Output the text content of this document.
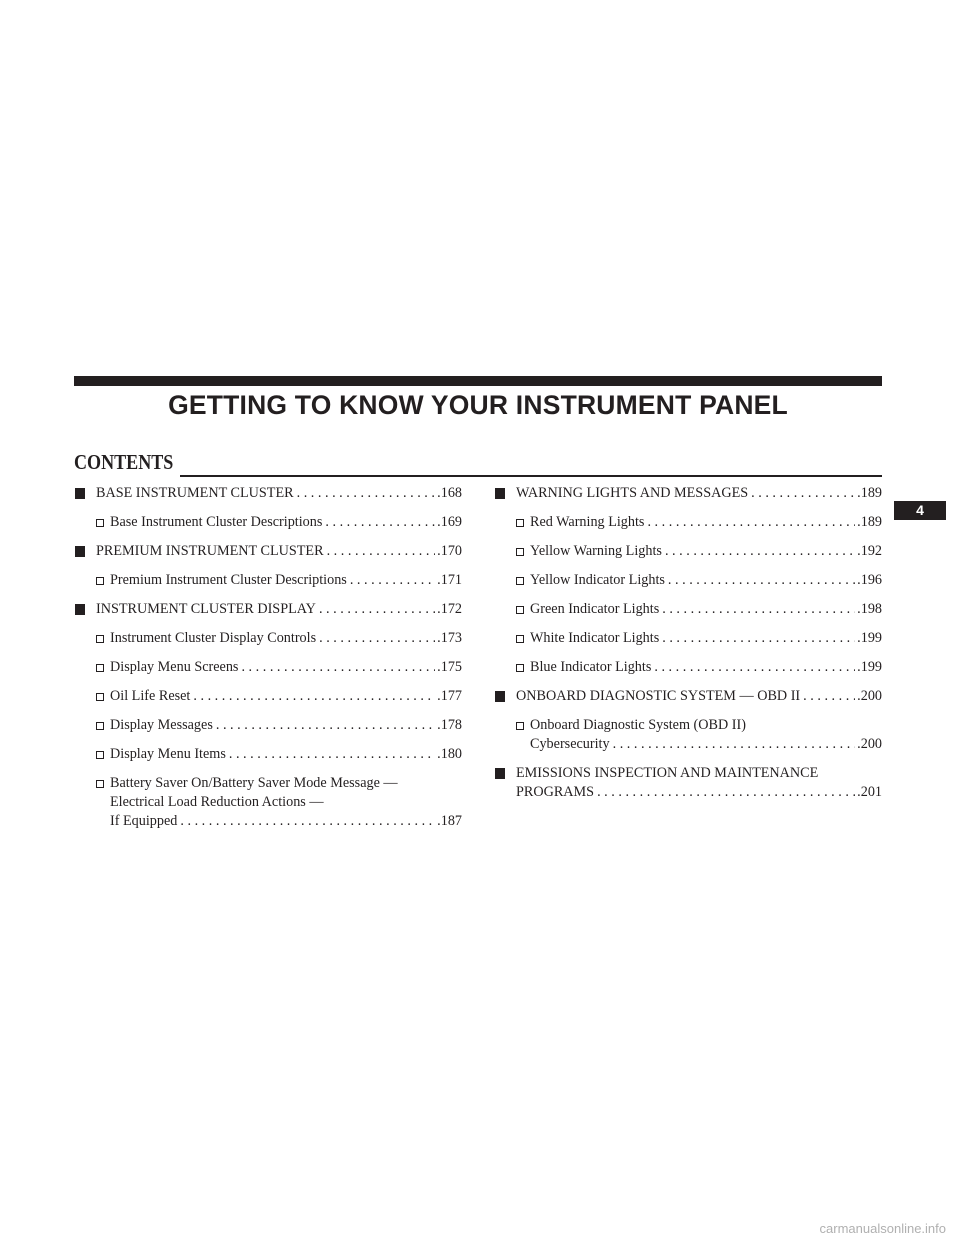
GETTING TO KNOW YOUR INSTRUMENT PANEL
CONTENTS
4
BASE INSTRUMENT CLUSTER . . .	.168
Base Instrument Cluster Descriptions . . .	.169
PREMIUM INSTRUMENT CLUSTER . . .	.170
Premium Instrument Cluster Descriptions . . .	.171
INSTRUMENT CLUSTER DISPLAY . . .	.172
Instrument Cluster Display Controls . . .	.173
Display Menu Screens . . .	.175
Oil Life Reset . . .	.177
Display Messages . . .	.178
Display Menu Items . . .	.180
Battery Saver On/Battery Saver Mode Message —
Electrical Load Reduction Actions —
If Equipped . . .	.187
WARNING LIGHTS AND MESSAGES . . .	.189
Red Warning Lights . . .	.189
Yellow Warning Lights . . .	.192
Yellow Indicator Lights . . .	.196
Green Indicator Lights . . .	.198
White Indicator Lights . . .	.199
Blue Indicator Lights . . .	.199
ONBOARD DIAGNOSTIC SYSTEM — OBD II . . .	.200
Onboard Diagnostic System (OBD II)
Cybersecurity . . .	.200
EMISSIONS INSPECTION AND MAINTENANCE
PROGRAMS . . .	.201
carmanualsonline.info
